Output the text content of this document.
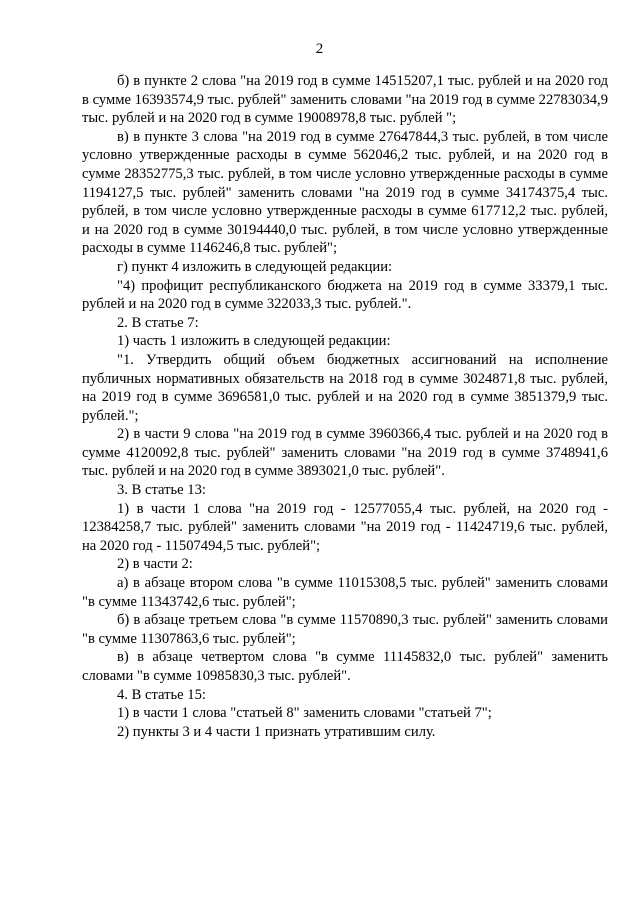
2

б) в пункте 2 слова "на 2019 год в сумме 14515207,1 тыс. рублей и на 2020 год в сумме 16393574,9 тыс. рублей" заменить словами "на 2019 год в сумме 22783034,9 тыс. рублей и на 2020 год в сумме 19008978,8 тыс. рублей ";

в) в пункте 3 слова "на 2019 год в сумме 27647844,3 тыс. рублей, в том числе условно утвержденные расходы в сумме 562046,2 тыс. рублей, и на 2020 год в сумме 28352775,3 тыс. рублей, в том числе условно утвержденные расходы в сумме 1194127,5 тыс. рублей" заменить словами "на 2019 год в сумме 34174375,4 тыс. рублей, в том числе условно утвержденные расходы в сумме 617712,2 тыс. рублей, и на 2020 год в сумме 30194440,0 тыс. рублей, в том числе условно утвержденные расходы в сумме 1146246,8 тыс. рублей";

г) пункт 4 изложить в следующей редакции:

"4) профицит республиканского бюджета на 2019 год в сумме 33379,1 тыс. рублей и на 2020 год в сумме 322033,3 тыс. рублей.".

2. В статье 7:

1) часть 1 изложить в следующей редакции:

"1. Утвердить общий объем бюджетных ассигнований на исполнение публичных нормативных обязательств на 2018 год в сумме 3024871,8 тыс. рублей, на 2019 год в сумме 3696581,0 тыс. рублей и на 2020 год в сумме 3851379,9 тыс. рублей.";

2) в части 9 слова "на 2019 год в сумме 3960366,4 тыс. рублей и на 2020 год в сумме 4120092,8 тыс. рублей" заменить словами "на 2019 год в сумме 3748941,6 тыс. рублей и на 2020 год в сумме 3893021,0 тыс. рублей".

3. В статье 13:

1) в части 1 слова "на 2019 год - 12577055,4 тыс. рублей, на 2020 год - 12384258,7 тыс. рублей" заменить словами "на 2019 год - 11424719,6 тыс. рублей, на 2020 год - 11507494,5 тыс. рублей";

2) в части 2:

а) в абзаце втором слова "в сумме 11015308,5 тыс. рублей" заменить словами "в сумме 11343742,6 тыс. рублей";

б) в абзаце третьем слова "в сумме 11570890,3 тыс. рублей" заменить словами "в сумме 11307863,6 тыс. рублей";

в) в абзаце четвертом слова "в сумме 11145832,0 тыс. рублей" заменить словами "в сумме 10985830,3 тыс. рублей".

4. В статье 15:

1) в части 1 слова "статьей 8" заменить словами "статьей 7";

2) пункты 3 и 4 части 1 признать утратившим силу.
